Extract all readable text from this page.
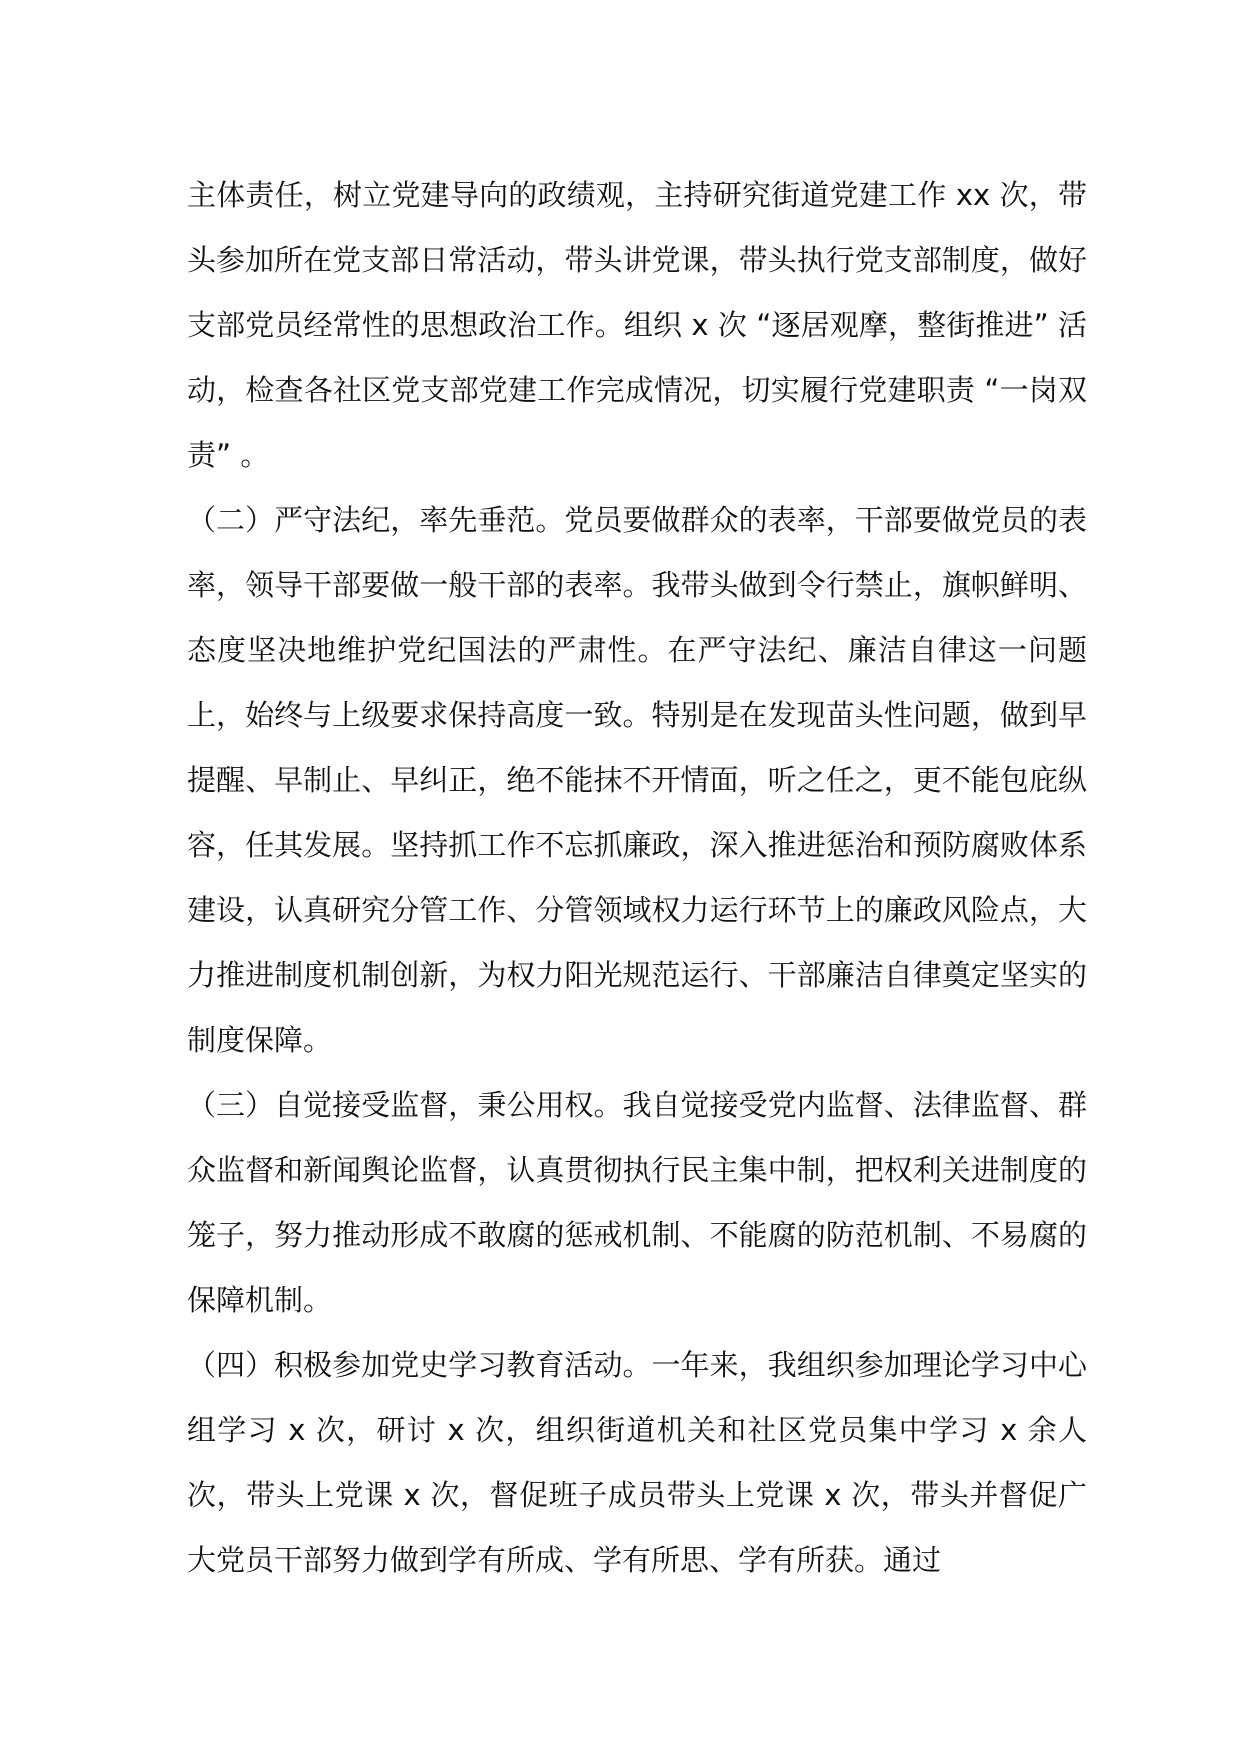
主体责任，树立党建导向的政绩观，主持研究街道党建工作 xx 次，带头参加所在党支部日常活动，带头讲党课，带头执行党支部制度，做好支部党员经常性的思想政治工作。组织 x 次 “逐居观摩，整街推进” 活动，检查各社区党支部党建工作完成情况，切实履行党建职责 “一岗双责” 。

（二）严守法纪，率先垂范。党员要做群众的表率，干部要做党员的表率，领导干部要做一般干部的表率。我带头做到令行禁止，旗帜鲜明、态度坚决地维护党纪国法的严肃性。在严守法纪、廉洁自律这一问题上，始终与上级要求保持高度一致。特别是在发现苗头性问题，做到早提醒、早制止、早纠正，绝不能抹不开情面，听之任之，更不能包庇纵容，任其发展。坚持抓工作不忘抓廉政，深入推进惩治和预防腐败体系建设，认真研究分管工作、分管领域权力运行环节上的廉政风险点，大力推进制度机制创新，为权力阳光规范运行、干部廉洁自律奠定坚实的制度保障。

（三）自觉接受监督，秉公用权。我自觉接受党内监督、法律监督、群众监督和新闻舆论监督，认真贯彻执行民主集中制，把权利关进制度的笼子，努力推动形成不敢腐的惩戒机制、不能腐的防范机制、不易腐的保障机制。

（四）积极参加党史学习教育活动。一年来，我组织参加理论学习中心组学习 x 次，研讨 x 次，组织街道机关和社区党员集中学习 x 余人次，带头上党课 x 次，督促班子成员带头上党课 x 次，带头并督促广大党员干部努力做到学有所成、学有所思、学有所获。通过
